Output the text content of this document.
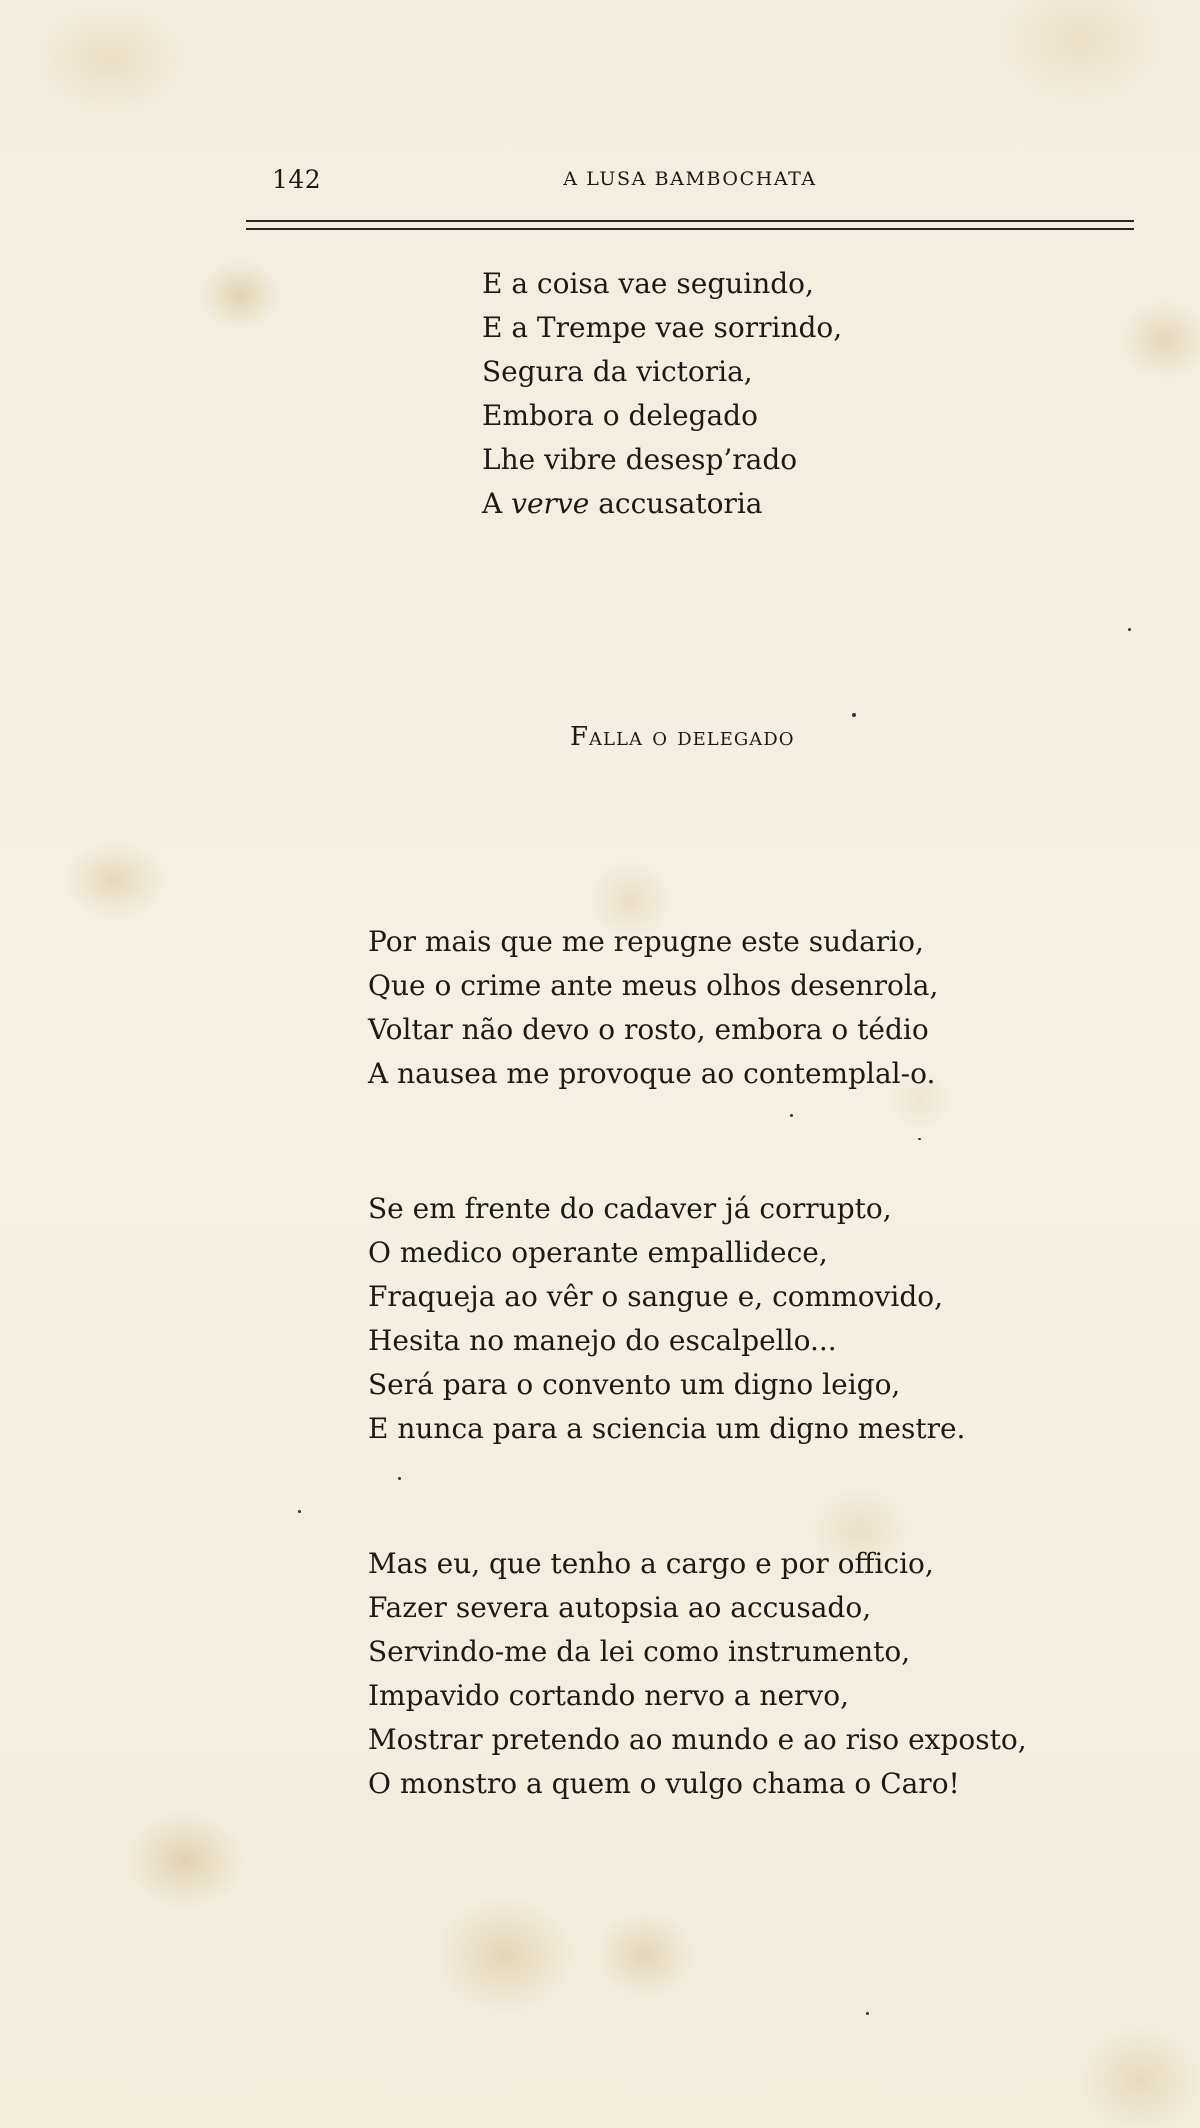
142	A LUSA BAMBOCHATA
E a coisa vae seguindo,
E a Trempe vae sorrindo,
Segura da victoria,
Embora o delegado
Lhe vibre desesp’rado
A verve accusatoria
Falla o delegado
Por mais que me repugne este sudario,
Que o crime ante meus olhos desenrola,
Voltar não devo o rosto, embora o tédio
A nausea me provoque ao contemplal-o.
Se em frente do cadaver já corrupto,
O medico operante empallidece,
Fraqueja ao vêr o sangue e, commovido,
Hesita no manejo do escalpello...
Será para o convento um digno leigo,
E nunca para a sciencia um digno mestre.
Mas eu, que tenho a cargo e por officio,
Fazer severa autopsia ao accusado,
Servindo-me da lei como instrumento,
Impavido cortando nervo a nervo,
Mostrar pretendo ao mundo e ao riso exposto,
O monstro a quem o vulgo chama o Caro!
